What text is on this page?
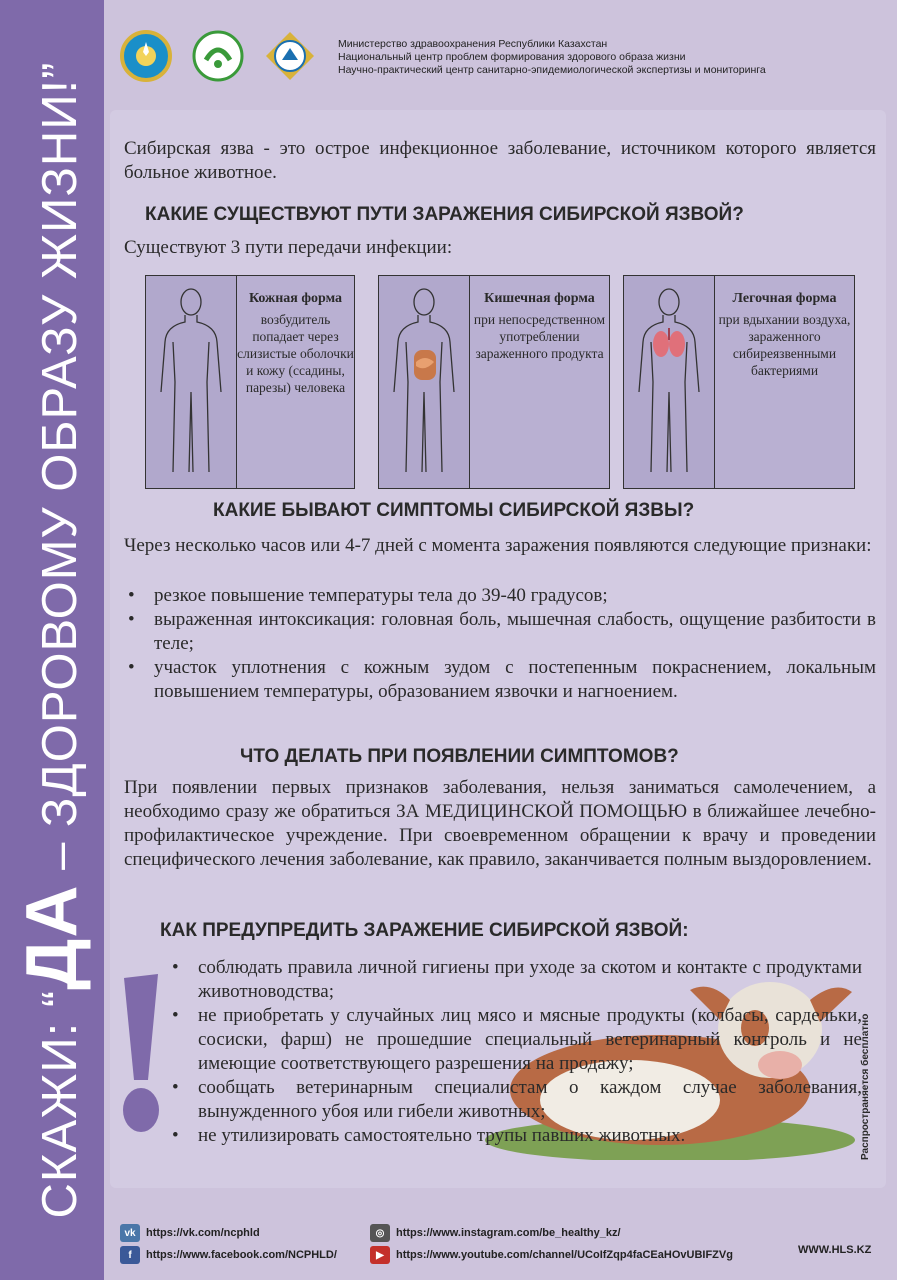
СКАЖИ: “ДА – ЗДОРОВОМУ ОБРАЗУ ЖИЗНИ!”
Министерство здравоохранения Республики Казахстан
Национальный центр проблем формирования здорового образа жизни
Научно-практический центр санитарно-эпидемиологической экспертизы и мониторинга
Сибирская язва - это острое инфекционное заболевание, источником которого является больное животное.
КАКИЕ СУЩЕСТВУЮТ ПУТИ ЗАРАЖЕНИЯ СИБИРСКОЙ ЯЗВОЙ?
Существуют 3 пути передачи инфекции:
Кожная форма
возбудитель попадает через слизистые оболочки и кожу (ссадины, парезы) человека
Кишечная форма
при непосредственном употреблении зараженного продукта
Легочная форма
при вдыхании воздуха, зараженного сибиреязвенными бактериями
КАКИЕ БЫВАЮТ СИМПТОМЫ СИБИРСКОЙ ЯЗВЫ?
Через несколько часов или 4-7 дней с момента заражения появляются следующие признаки:
• резкое повышение температуры тела до 39-40 градусов;
• выраженная интоксикация: головная боль, мышечная слабость, ощущение разбитости в теле;
• участок уплотнения с кожным зудом с постепенным покраснением, локальным повышением температуры, образованием язвочки и нагноением.
ЧТО ДЕЛАТЬ ПРИ ПОЯВЛЕНИИ СИМПТОМОВ?
При появлении первых признаков заболевания, нельзя заниматься самолечением, а необходимо сразу же обратиться ЗА МЕДИЦИНСКОЙ ПОМОЩЬЮ в ближайшее лечебно-профилактическое учреждение. При своевременном обращении к врачу и проведении специфического лечения заболевание, как правило, заканчивается полным выздоровлением.
КАК ПРЕДУПРЕДИТЬ ЗАРАЖЕНИЕ СИБИРСКОЙ ЯЗВОЙ:
• соблюдать правила личной гигиены при уходе за скотом и контакте с продуктами животноводства;
• не приобретать у случайных лиц мясо и мясные продукты (колбасы, сардельки, сосиски, фарш) не прошедшие специальный ветеринарный контроль и не имеющие соответствующего разрешения на продажу;
• сообщать ветеринарным специалистам о каждом случае заболевания, вынужденного убоя или гибели животных;
• не утилизировать самостоятельно трупы павших животных.	Распространяется бесплатно
vk https://vk.com/ncphld
f	https://www.facebook.com/NCPHLD/
◎	https://www.instagram.com/be_healthy_kz/
▶	https://www.youtube.com/channel/UCoIfZqp4faCEaHOvUBIFZVg	WWW.HLS.KZ
